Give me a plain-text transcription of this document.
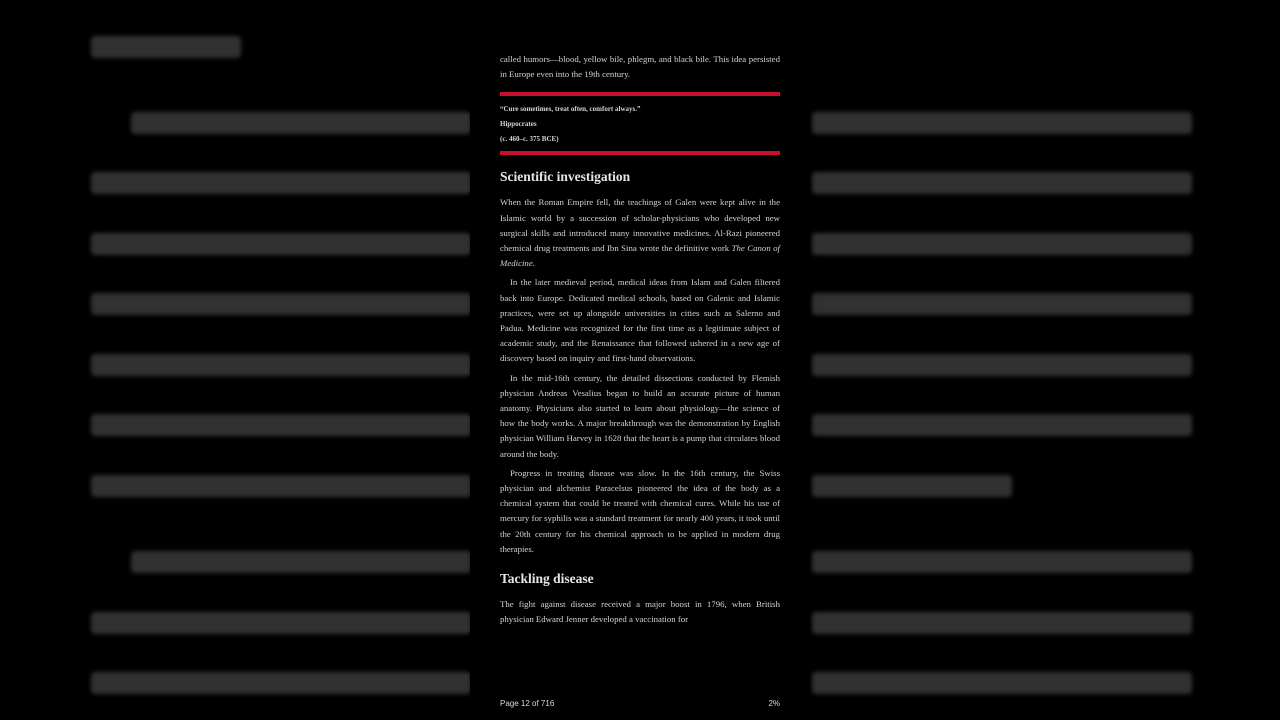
called humors—blood, yellow bile, phlegm, and black bile. This idea persisted in Europe even into the 19th century.

“Cure sometimes, treat often, comfort always.”
Hippocrates
(c. 460–c. 375 BCE)
Scientific investigation

When the Roman Empire fell, the teachings of Galen were kept alive in the Islamic world by a succession of scholar-physicians who developed new surgical skills and introduced many innovative medicines. Al-Razi pioneered chemical drug treatments and Ibn Sina wrote the definitive work The Canon of Medicine.

In the later medieval period, medical ideas from Islam and Galen filtered back into Europe. Dedicated medical schools, based on Galenic and Islamic practices, were set up alongside universities in cities such as Salerno and Padua. Medicine was recognized for the first time as a legitimate subject of academic study, and the Renaissance that followed ushered in a new age of discovery based on inquiry and first-hand observations.

In the mid-16th century, the detailed dissections conducted by Flemish physician Andreas Vesalius began to build an accurate picture of human anatomy. Physicians also started to learn about physiology—the science of how the body works. A major breakthrough was the demonstration by English physician William Harvey in 1628 that the heart is a pump that circulates blood around the body.

Progress in treating disease was slow. In the 16th century, the Swiss physician and alchemist Paracelsus pioneered the idea of the body as a chemical system that could be treated with chemical cures. While his use of mercury for syphilis was a standard treatment for nearly 400 years, it took until the 20th century for his chemical approach to be applied in modern drug therapies.

Tackling disease

The fight against disease received a major boost in 1796, when British physician Edward Jenner developed a vaccination for

Page 12 of 716	2%
